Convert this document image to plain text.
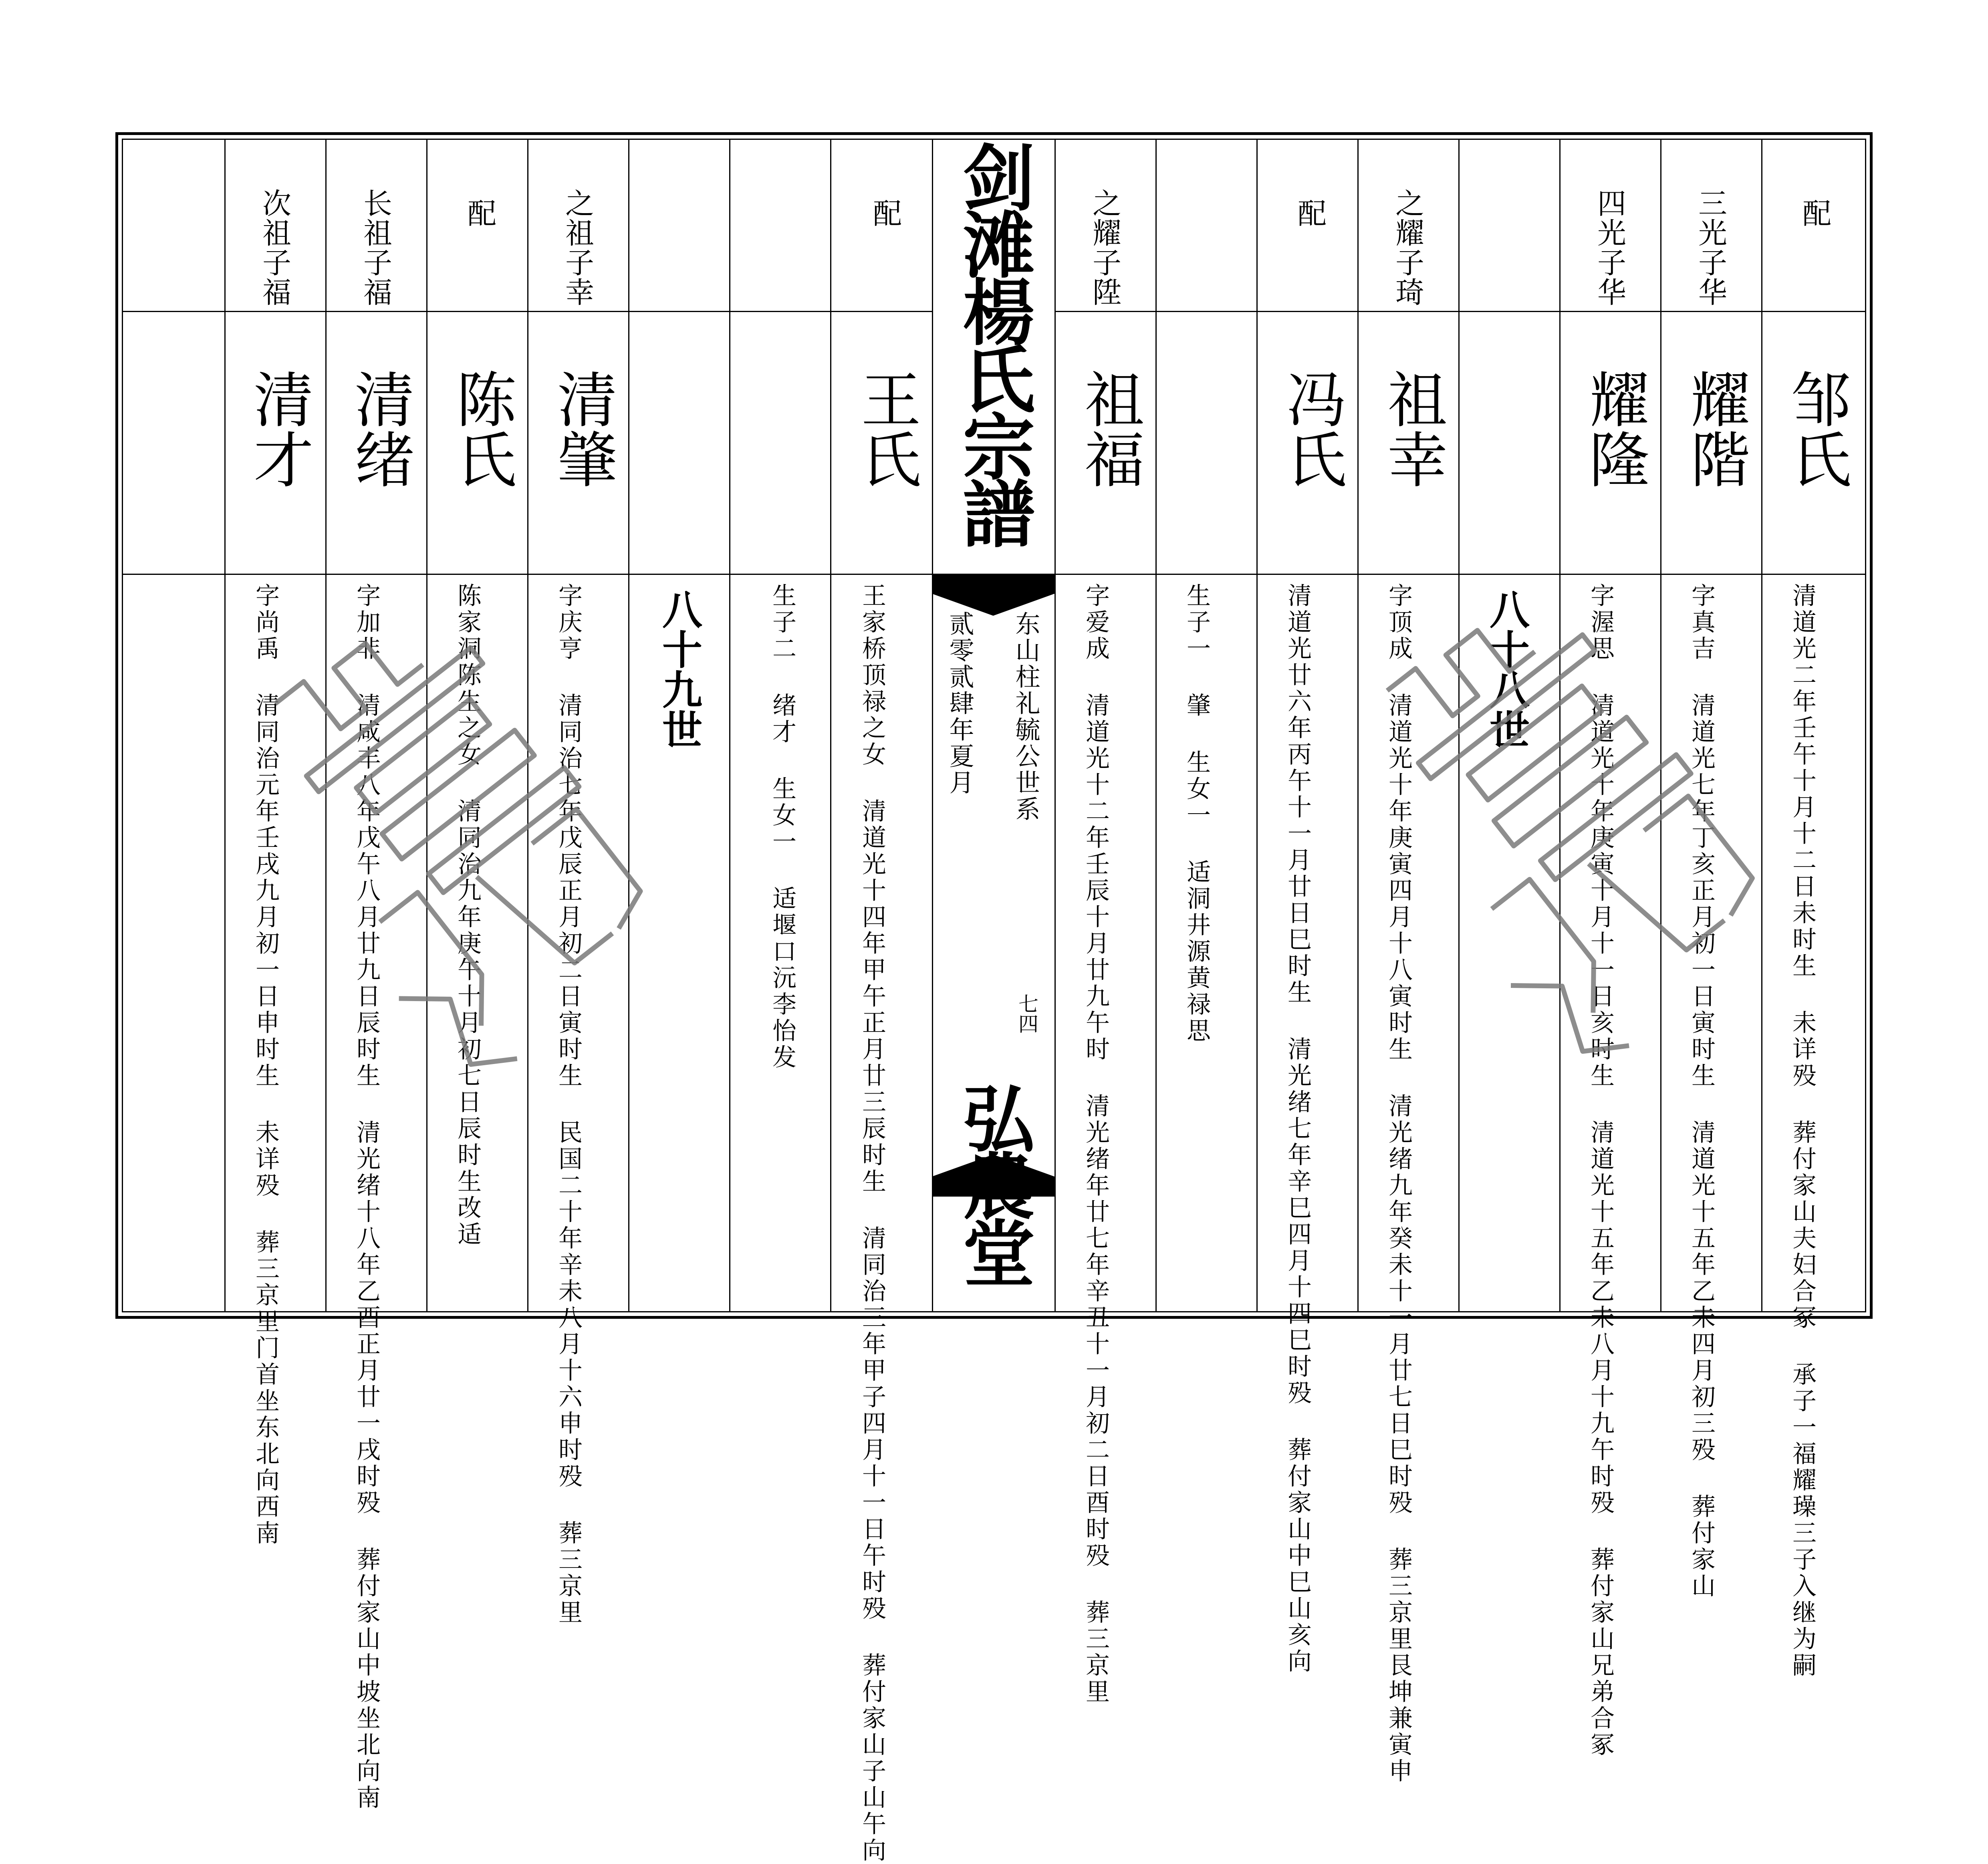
剑滩楊氏宗譜
东山柱礼毓公世系
贰零贰肆年夏月
七四
弘農堂
八十八世
八十九世
配
邹氏
清道光二年壬午十月十二日未时生 未详殁 葬付家山夫妇合冢 承子一福耀璪三子入继为嗣
三光子华
耀階
字真吉 清道光七年丁亥正月初一日寅时生 清道光十五年乙未四月初三殁 葬付家山
四光子华
耀隆
字渥思 清道光十年庚寅十月十一日亥时生 清道光十五年乙未八月十九午时殁 葬付家山兄弟合冢
之耀子琦
祖幸
字顶成 清道光十年庚寅四月十八寅时生 清光绪九年癸未十一月廿七日巳时殁 葬三京里艮坤兼寅申
配
冯氏
清道光廿六年丙午十一月廿日巳时生 清光绪七年辛巳四月十四巳时殁 葬付家山中巳山亥向
生子一 肇 生女一 适洞井源黄禄思
之耀子陞
祖福
字爱成 清道光十二年壬辰十月廿九午时 清光绪年廿七年辛丑十一月初二日酉时殁 葬三京里
配
王氏
王家桥顶禄之女 清道光十四年甲午正月廿三辰时生 清同治三年甲子四月十一日午时殁 葬付家山子山午向
生子二 绪才 生女一 适堰口沅李怡发
之祖子幸
清肇
字庆亨 清同治七年戊辰正月初二日寅时生 民国二十年辛未八月十六申时殁 葬三京里
配
陈氏
陈家洞陈生之女 清同治九年庚午十月初七日辰时生改适
长祖子福
清绪
字加非 清咸丰八年戊午八月廿九日辰时生 清光绪十八年乙酉正月廿一戌时殁 葬付家山中坡坐北向南
次祖子福
清才
字尚禹 清同治元年壬戌九月初一日申时生 未详殁 葬三京里门首坐东北向西南
